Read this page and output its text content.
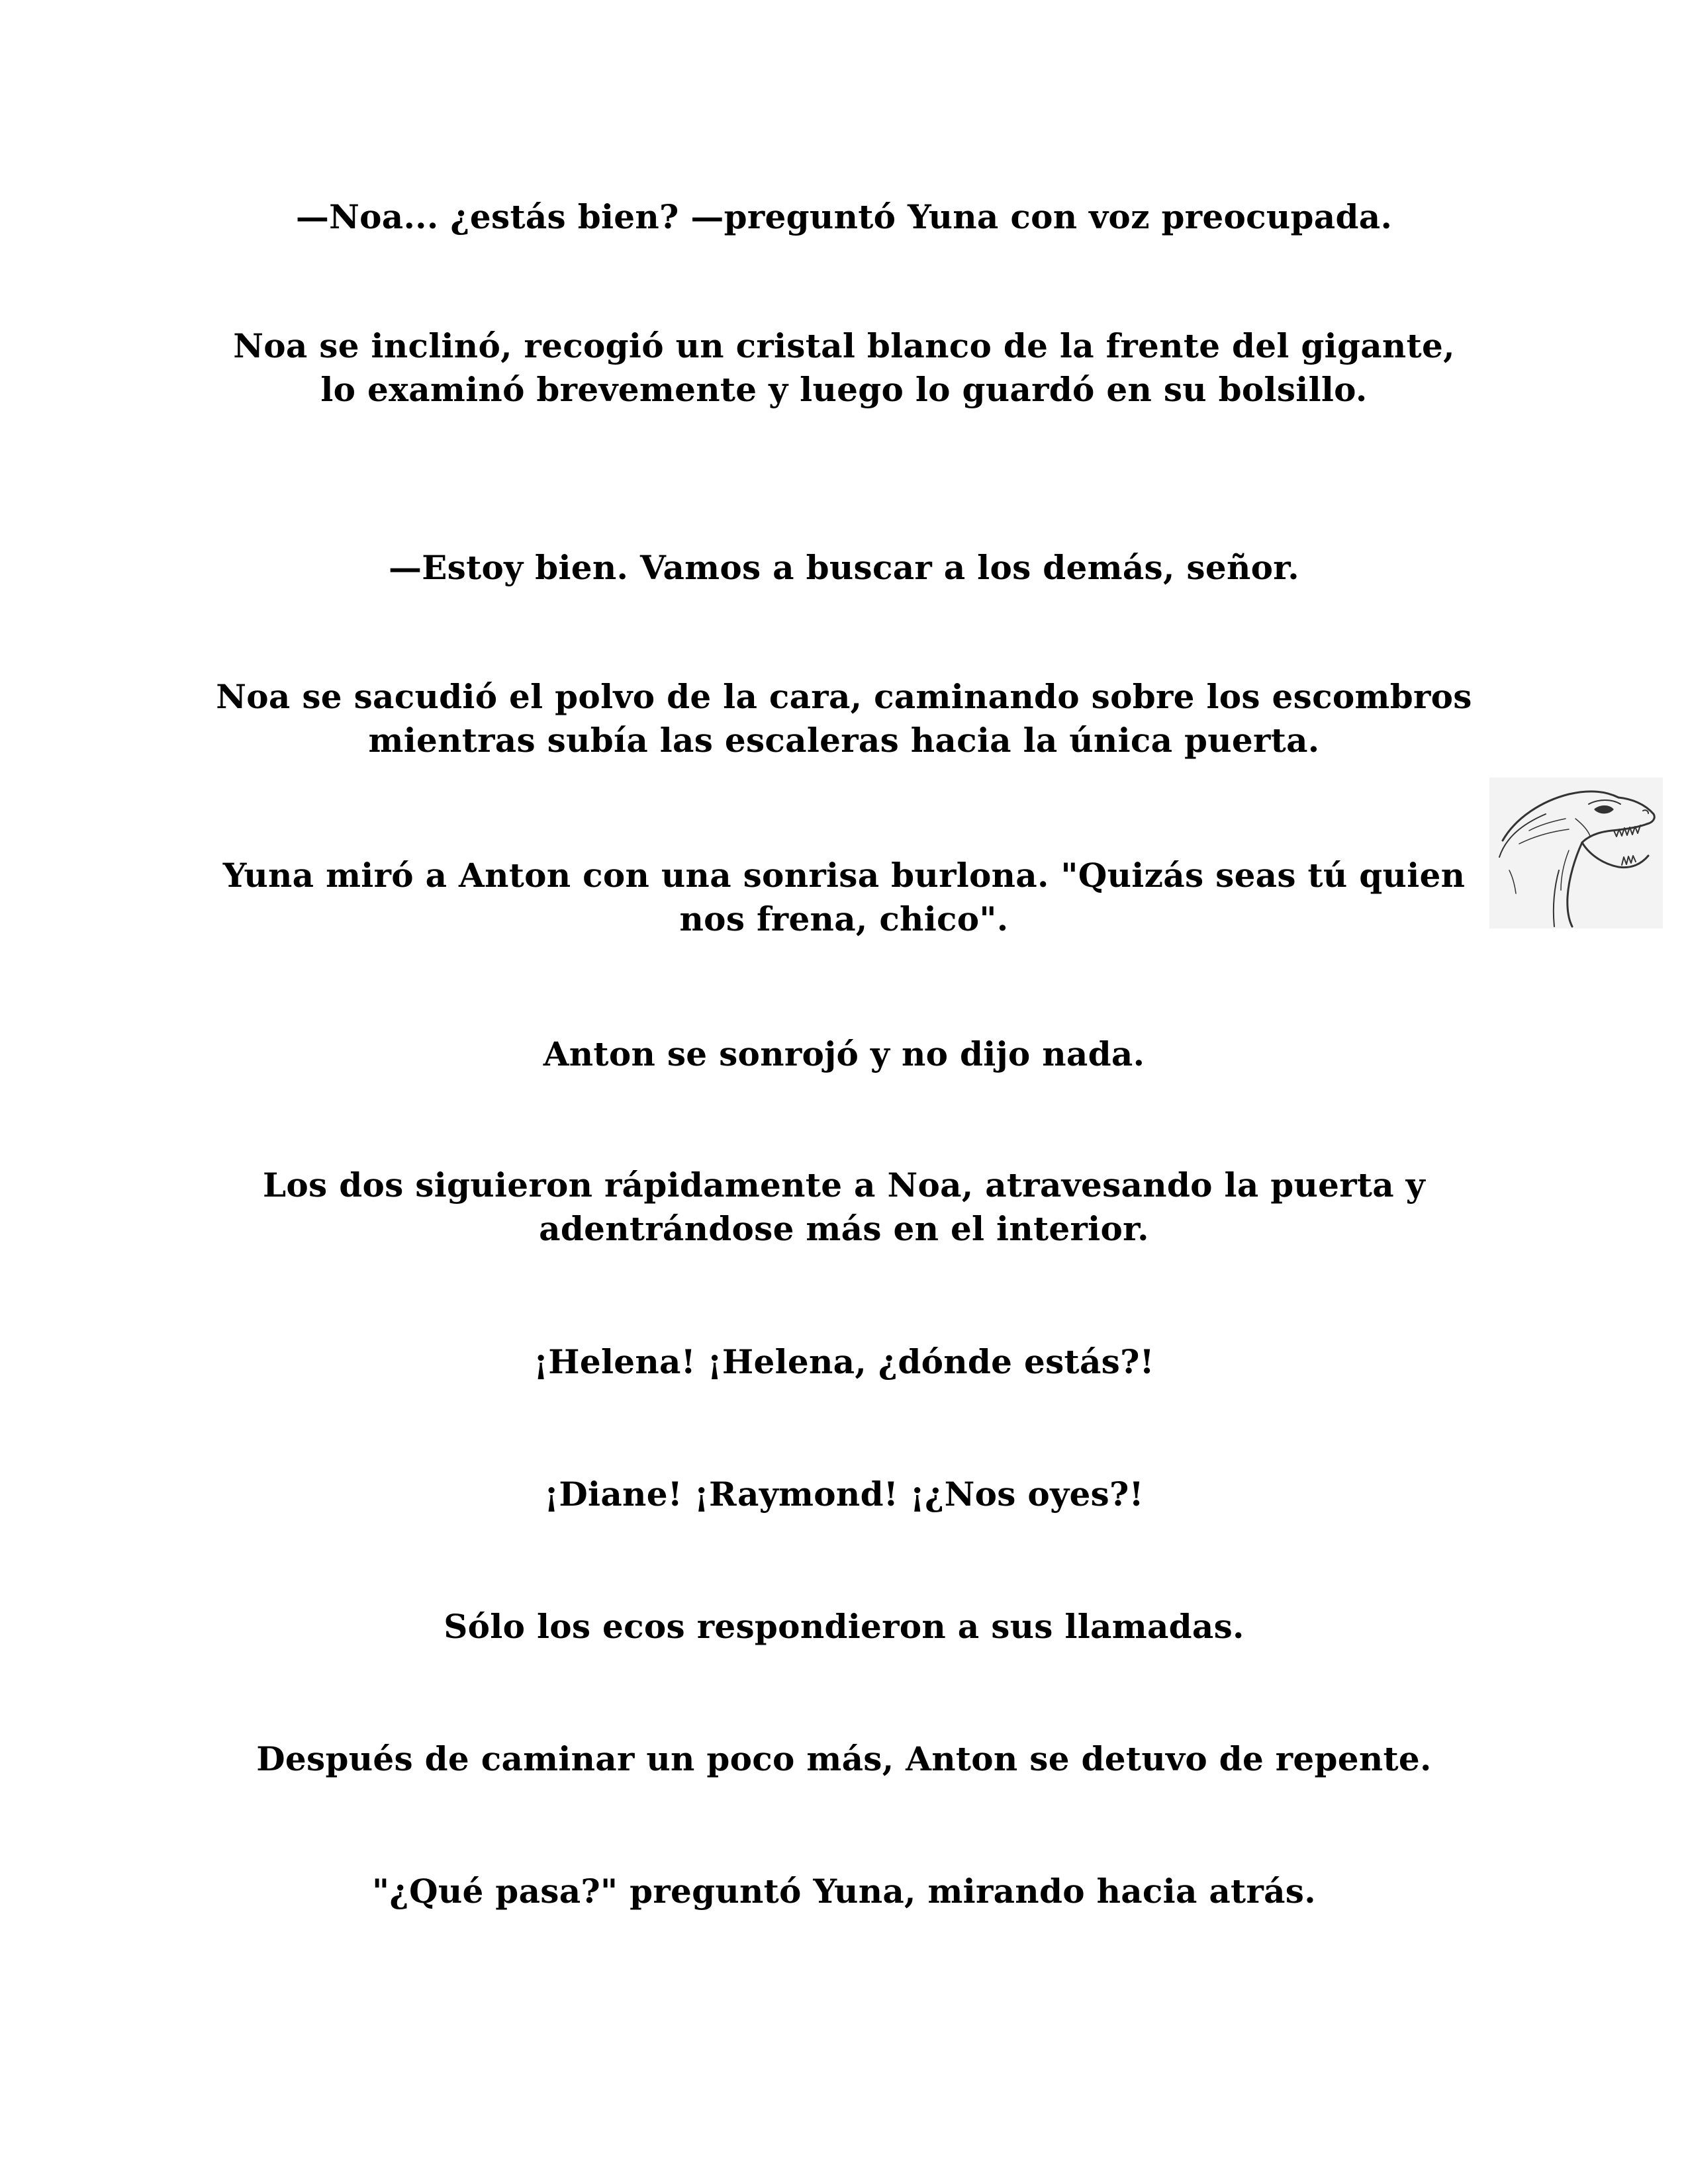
—Noa... ¿estás bien? —preguntó Yuna con voz preocupada.

Noa se inclinó, recogió un cristal blanco de la frente del gigante, lo examinó brevemente y luego lo guardó en su bolsillo.

—Estoy bien. Vamos a buscar a los demás, señor.

Noa se sacudió el polvo de la cara, caminando sobre los escombros mientras subía las escaleras hacia la única puerta.

Yuna miró a Anton con una sonrisa burlona. "Quizás seas tú quien nos frena, chico".

Anton se sonrojó y no dijo nada.

Los dos siguieron rápidamente a Noa, atravesando la puerta y adentrándose más en el interior.

¡Helena! ¡Helena, ¿dónde estás?!

¡Diane! ¡Raymond! ¡¿Nos oyes?!

Sólo los ecos respondieron a sus llamadas.

Después de caminar un poco más, Anton se detuvo de repente.

"¿Qué pasa?" preguntó Yuna, mirando hacia atrás.
